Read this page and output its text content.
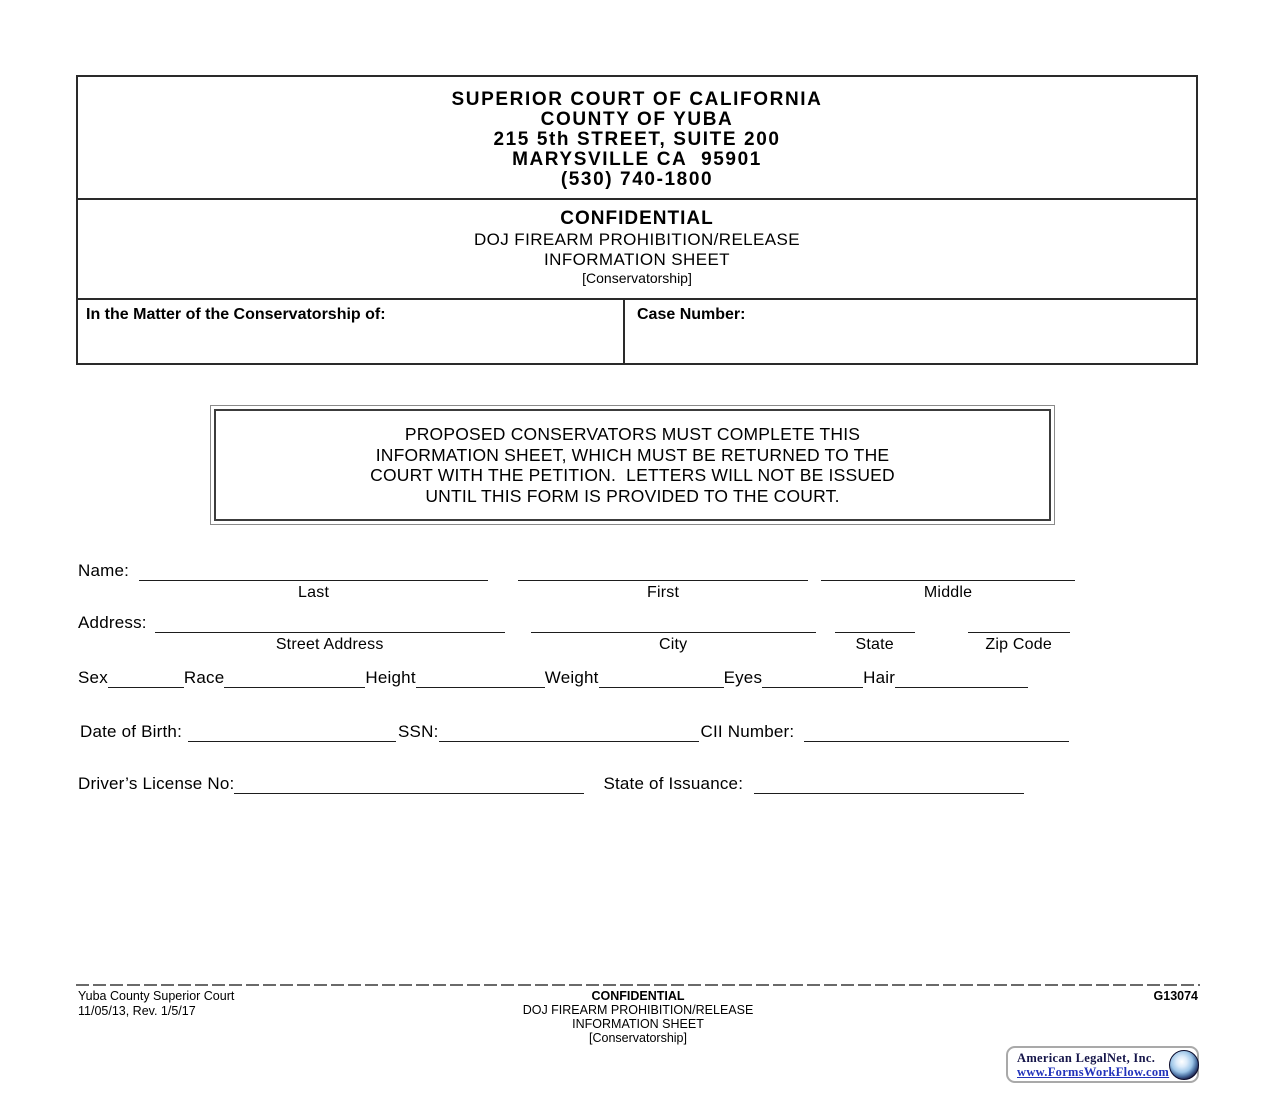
SUPERIOR COURT OF CALIFORNIA
COUNTY OF YUBA
215 5th STREET, SUITE 200
MARYSVILLE CA  95901
(530) 740-1800
CONFIDENTIAL
DOJ FIREARM PROHIBITION/RELEASE
INFORMATION SHEET
[Conservatorship]
In the Matter of the Conservatorship of:	Case Number:
PROPOSED CONSERVATORS MUST COMPLETE THIS
INFORMATION SHEET, WHICH MUST BE RETURNED TO THE
COURT WITH THE PETITION.  LETTERS WILL NOT BE ISSUED
UNTIL THIS FORM IS PROVIDED TO THE COURT.
Name:
Last	First	Middle
Address:
Street Address	City	State	Zip Code
Sex	Race	Height	Weight	Eyes	Hair
Date of Birth:	SSN:	CII Number:
Driver’s License No:	State of Issuance:
Yuba County Superior Court
11/05/13, Rev. 1/5/17
CONFIDENTIAL
DOJ FIREARM PROHIBITION/RELEASE
INFORMATION SHEET
[Conservatorship]
G13074
American LegalNet, Inc.
www.FormsWorkFlow.com
